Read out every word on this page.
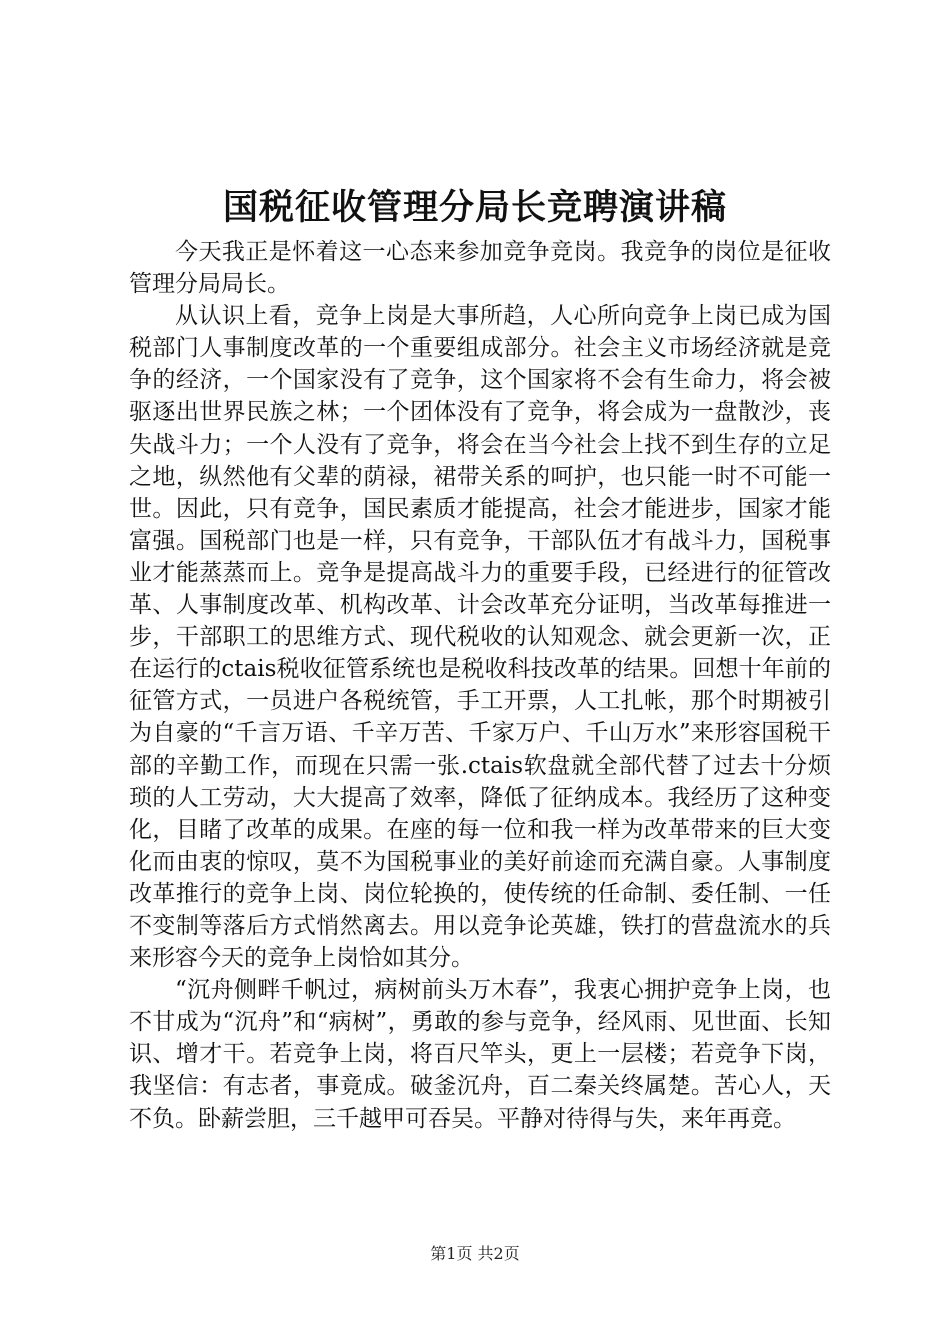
国税征收管理分局长竞聘演讲稿

今天我正是怀着这一心态来参加竞争竞岗。我竞争的岗位是征收管理分局局长。

从认识上看，竞争上岗是大事所趋，人心所向竞争上岗已成为国税部门人事制度改革的一个重要组成部分。社会主义市场经济就是竞争的经济，一个国家没有了竞争，这个国家将不会有生命力，将会被驱逐出世界民族之林；一个团体没有了竞争，将会成为一盘散沙，丧失战斗力；一个人没有了竞争，将会在当今社会上找不到生存的立足之地，纵然他有父辈的荫禄，裙带关系的呵护，也只能一时不可能一世。因此，只有竞争，国民素质才能提高，社会才能进步，国家才能富强。国税部门也是一样，只有竞争，干部队伍才有战斗力，国税事业才能蒸蒸而上。竞争是提高战斗力的重要手段，已经进行的征管改革、人事制度改革、机构改革、计会改革充分证明，当改革每推进一步，干部职工的思维方式、现代税收的认知观念、就会更新一次，正在运行的ctais税收征管系统也是税收科技改革的结果。回想十年前的征管方式，一员进户各税统管，手工开票，人工扎帐，那个时期被引为自豪的“千言万语、千辛万苦、千家万户、千山万水”来形容国税干部的辛勤工作，而现在只需一张.ctais软盘就全部代替了过去十分烦琐的人工劳动，大大提高了效率，降低了征纳成本。我经历了这种变化，目睹了改革的成果。在座的每一位和我一样为改革带来的巨大变化而由衷的惊叹，莫不为国税事业的美好前途而充满自豪。人事制度改革推行的竞争上岗、岗位轮换的，使传统的任命制、委任制、一任不变制等落后方式悄然离去。用以竞争论英雄，铁打的营盘流水的兵来形容今天的竞争上岗恰如其分。

“沉舟侧畔千帆过，病树前头万木春”，我衷心拥护竞争上岗，也不甘成为“沉舟”和“病树”，勇敢的参与竞争，经风雨、见世面、长知识、增才干。若竞争上岗，将百尺竿头，更上一层楼；若竞争下岗，我坚信：有志者，事竟成。破釜沉舟，百二秦关终属楚。苦心人，天不负。卧薪尝胆，三千越甲可吞吴。平静对待得与失，来年再竞。

第1页 共2页
